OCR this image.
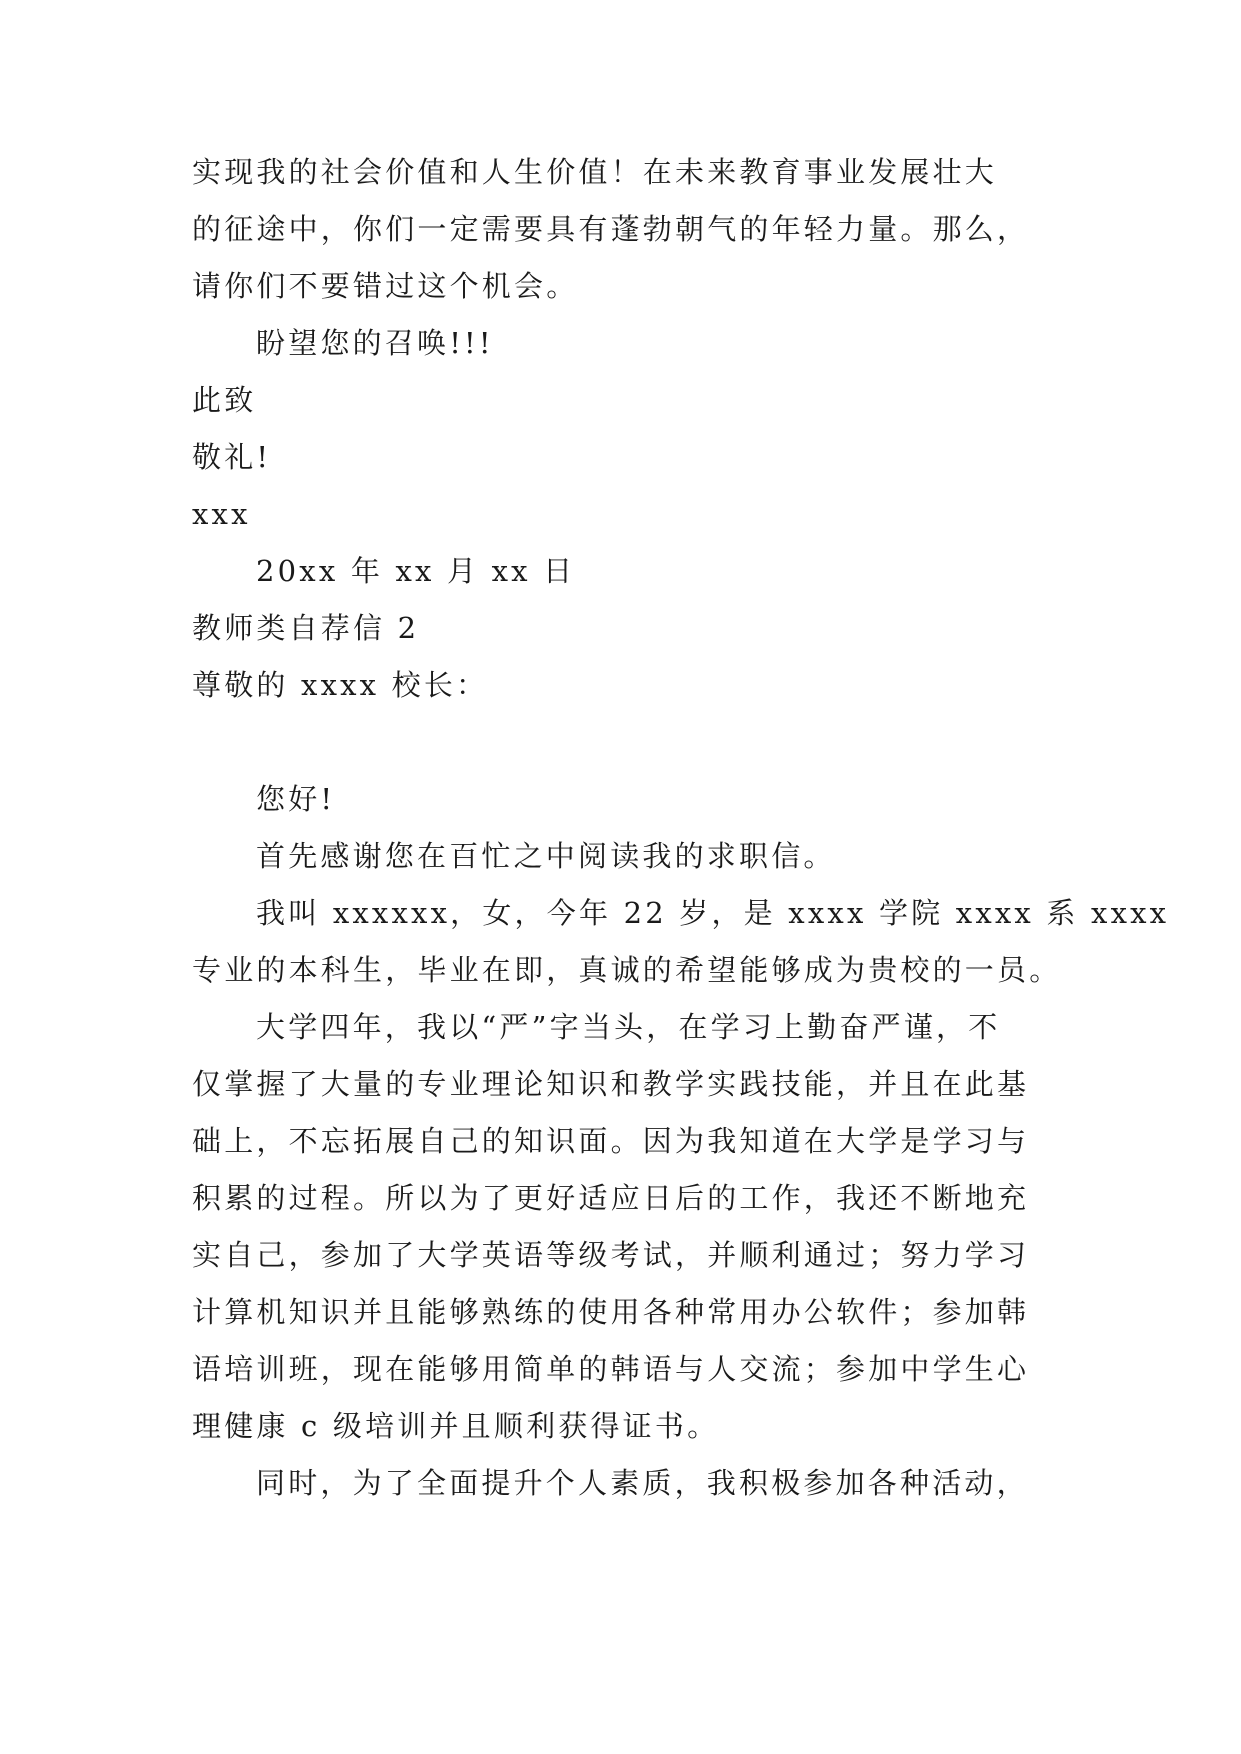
实现我的社会价值和人生价值！在未来教育事业发展壮大
的征途中，你们一定需要具有蓬勃朝气的年轻力量。那么，
请你们不要错过这个机会。
盼望您的召唤!!!
此致
敬礼!
xxx
20xx 年 xx 月 xx 日
教师类自荐信 2
尊敬的 xxxx 校长：
您好!
首先感谢您在百忙之中阅读我的求职信。
我叫 xxxxxx，女，今年 22 岁，是 xxxx 学院 xxxx 系 xxxx
专业的本科生，毕业在即，真诚的希望能够成为贵校的一员。
大学四年，我以“严”字当头，在学习上勤奋严谨，不
仅掌握了大量的专业理论知识和教学实践技能，并且在此基
础上，不忘拓展自己的知识面。因为我知道在大学是学习与
积累的过程。所以为了更好适应日后的工作，我还不断地充
实自己，参加了大学英语等级考试，并顺利通过；努力学习
计算机知识并且能够熟练的使用各种常用办公软件；参加韩
语培训班，现在能够用简单的韩语与人交流；参加中学生心
理健康 c 级培训并且顺利获得证书。
同时，为了全面提升个人素质，我积极参加各种活动，
